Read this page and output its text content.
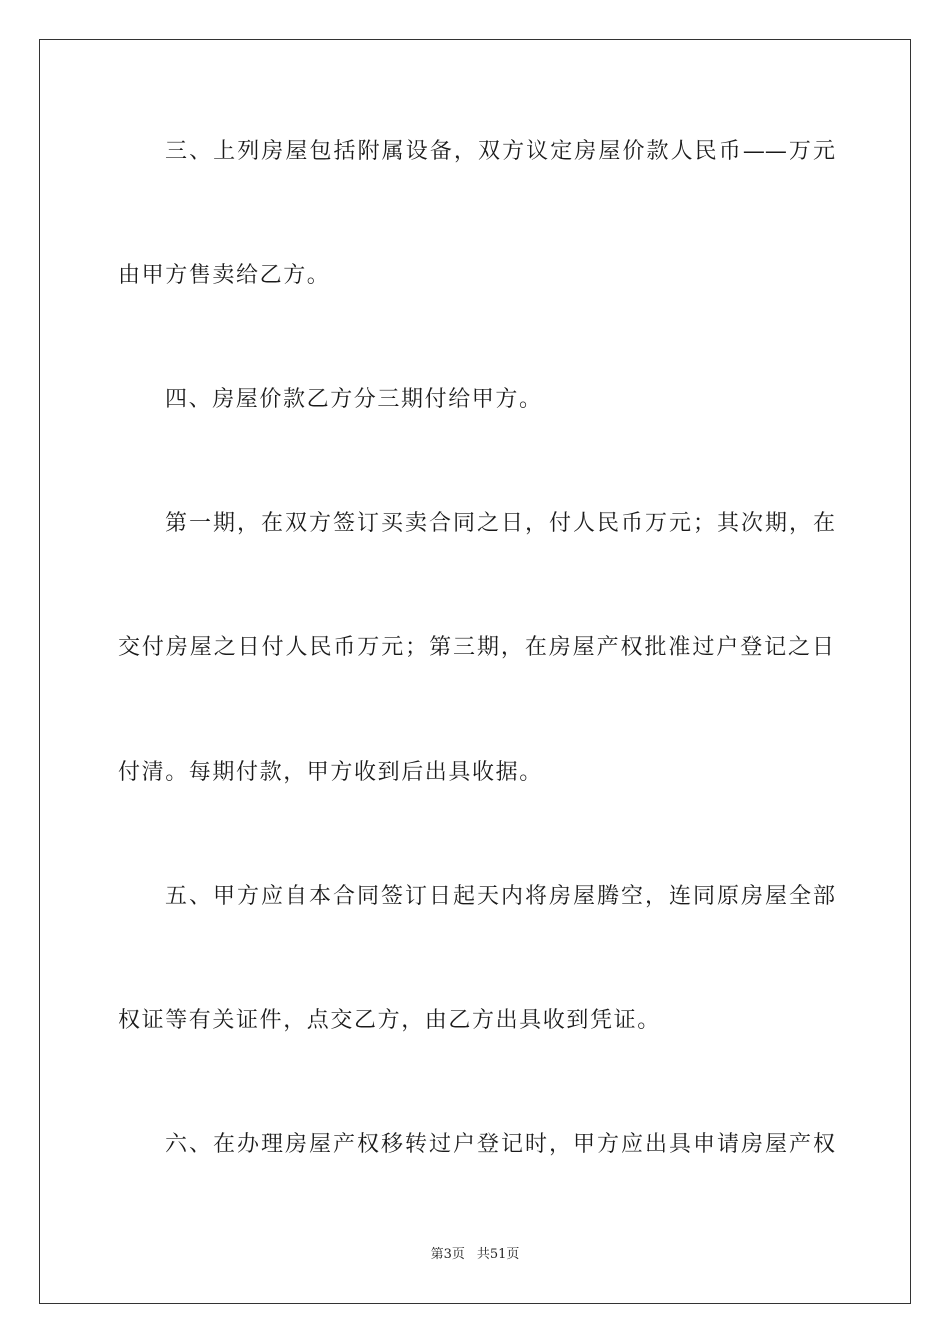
三、上列房屋包括附属设备，双方议定房屋价款人民币——万元
由甲方售卖给乙方。
四、房屋价款乙方分三期付给甲方。
第一期，在双方签订买卖合同之日，付人民币万元；其次期，在
交付房屋之日付人民币万元；第三期，在房屋产权批准过户登记之日
付清。每期付款，甲方收到后出具收据。
五、甲方应自本合同签订日起天内将房屋腾空，连同原房屋全部
权证等有关证件，点交乙方，由乙方出具收到凭证。
六、在办理房屋产权移转过户登记时，甲方应出具申请房屋产权
第3页 共51页
